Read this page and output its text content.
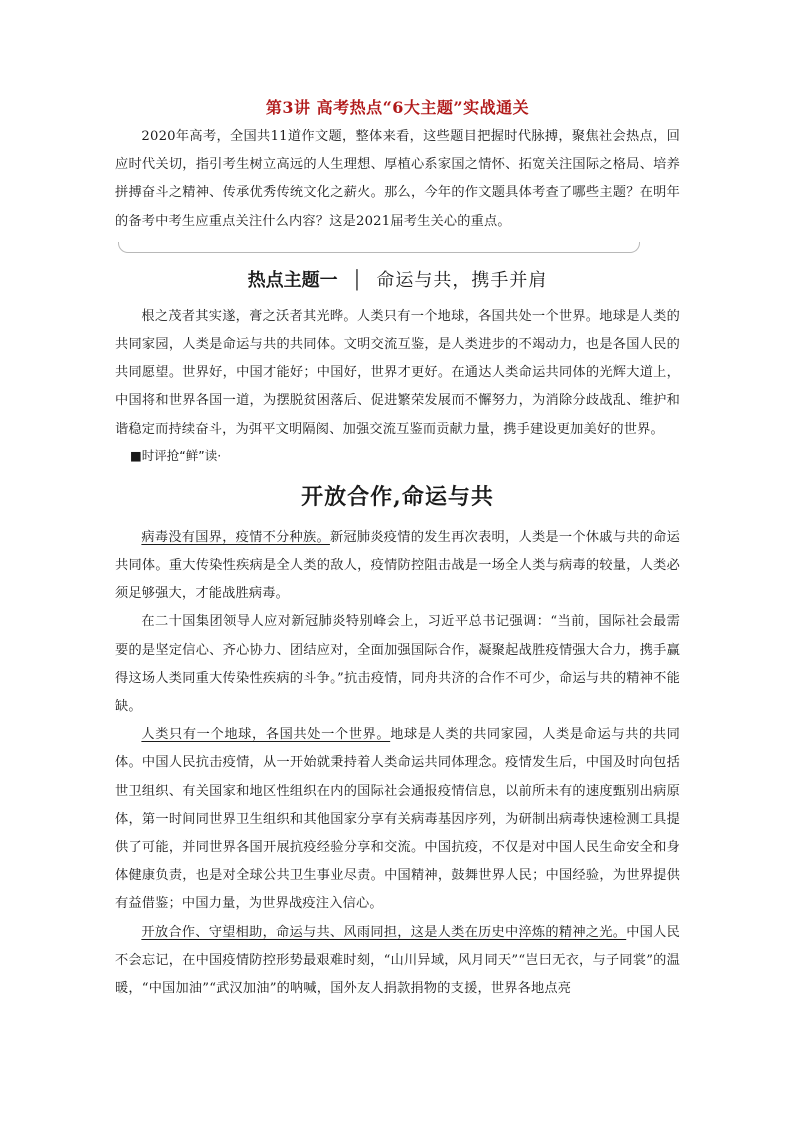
第3讲 高考热点“6大主题”实战通关

2020年高考，全国共11道作文题，整体来看，这些题目把握时代脉搏，聚焦社会热点，回应时代关切，指引考生树立高远的人生理想、厚植心系家国之情怀、拓宽关注国际之格局、培养拼搏奋斗之精神、传承优秀传统文化之薪火。那么，今年的作文题具体考查了哪些主题？在明年的备考中考生应重点关注什么内容？这是2021届考生关心的重点。

热点主题一 │ 命运与共，携手并肩

根之茂者其实遂，膏之沃者其光晔。人类只有一个地球，各国共处一个世界。地球是人类的共同家园，人类是命运与共的共同体。文明交流互鉴，是人类进步的不竭动力，也是各国人民的共同愿望。世界好，中国才能好；中国好，世界才更好。在通达人类命运共同体的光辉大道上，中国将和世界各国一道，为摆脱贫困落后、促进繁荣发展而不懈努力，为消除分歧战乱、维护和谐稳定而持续奋斗，为弭平文明隔阂、加强交流互鉴而贡献力量，携手建设更加美好的世界。

■时评抢“鲜”读·

开放合作,命运与共

病毒没有国界，疫情不分种族。新冠肺炎疫情的发生再次表明，人类是一个休戚与共的命运共同体。重大传染性疾病是全人类的敌人，疫情防控阻击战是一场全人类与病毒的较量，人类必须足够强大，才能战胜病毒。

在二十国集团领导人应对新冠肺炎特别峰会上，习近平总书记强调：“当前，国际社会最需要的是坚定信心、齐心协力、团结应对，全面加强国际合作，凝聚起战胜疫情强大合力，携手赢得这场人类同重大传染性疾病的斗争。”抗击疫情，同舟共济的合作不可少，命运与共的精神不能缺。

人类只有一个地球，各国共处一个世界。地球是人类的共同家园，人类是命运与共的共同体。中国人民抗击疫情，从一开始就秉持着人类命运共同体理念。疫情发生后，中国及时向包括世卫组织、有关国家和地区性组织在内的国际社会通报疫情信息，以前所未有的速度甄别出病原体，第一时间同世界卫生组织和其他国家分享有关病毒基因序列，为研制出病毒快速检测工具提供了可能，并同世界各国开展抗疫经验分享和交流。中国抗疫，不仅是对中国人民生命安全和身体健康负责，也是对全球公共卫生事业尽责。中国精神，鼓舞世界人民；中国经验，为世界提供有益借鉴；中国力量，为世界战疫注入信心。

开放合作、守望相助，命运与共、风雨同担，这是人类在历史中淬炼的精神之光。中国人民不会忘记，在中国疫情防控形势最艰难时刻，“山川异域，风月同天”“岂曰无衣，与子同裳”的温暖，“中国加油”“武汉加油”的呐喊，国外友人捐款捐物的支援，世界各地点亮
